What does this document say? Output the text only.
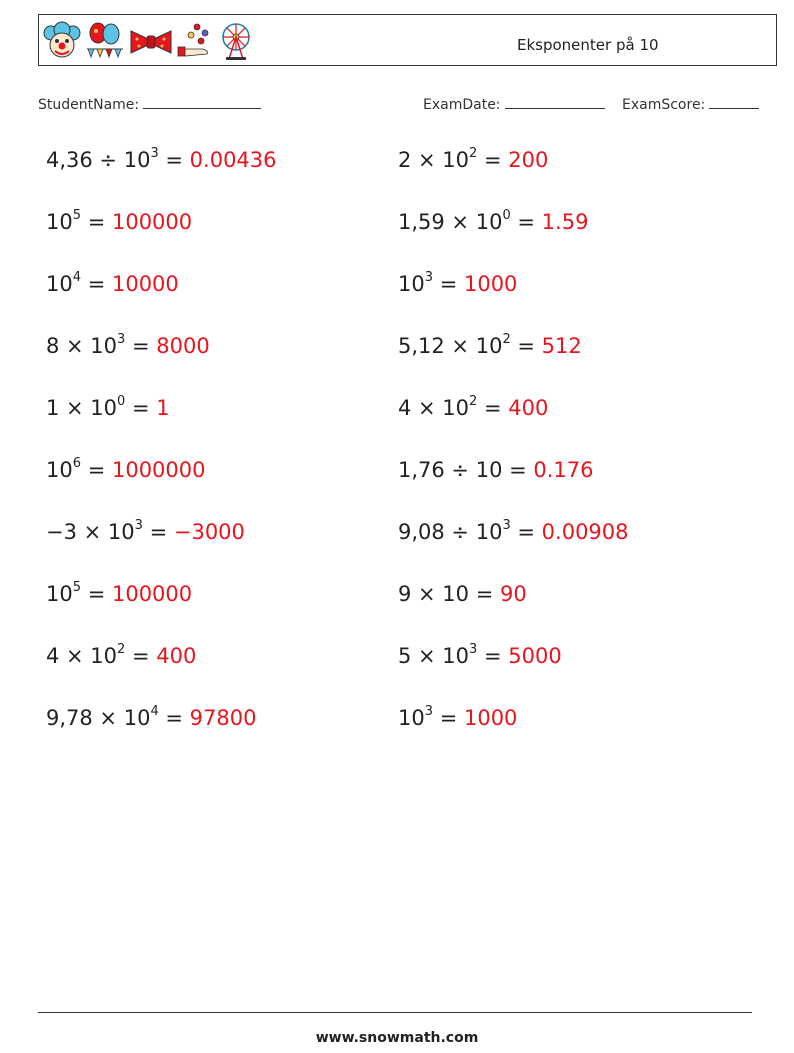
Eksponenter på 10
StudentName:	ExamDate:	ExamScore:
$4,36 \div 10^3 = 0.00436$
$10^5 = 100000$
$10^4 = 10000$
$8 \times 10^3 = 8000$
$1 \times 10^0 = 1$
$10^6 = 1000000$
$-3 \times 10^3 = -3000$
$10^5 = 100000$
$4 \times 10^2 = 400$
$9,78 \times 10^4 = 97800$
$2 \times 10^2 = 200$
$1,59 \times 10^0 = 1.59$
$10^3 = 1000$
$5,12 \times 10^2 = 512$
$4 \times 10^2 = 400$
1,76 ÷ 10 = 0.176
$9,08 \div 10^3 = 0.00908$
9 × 10 = 90
$5 \times 10^3 = 5000$
$10^3 = 1000$
www.snowmath.com
